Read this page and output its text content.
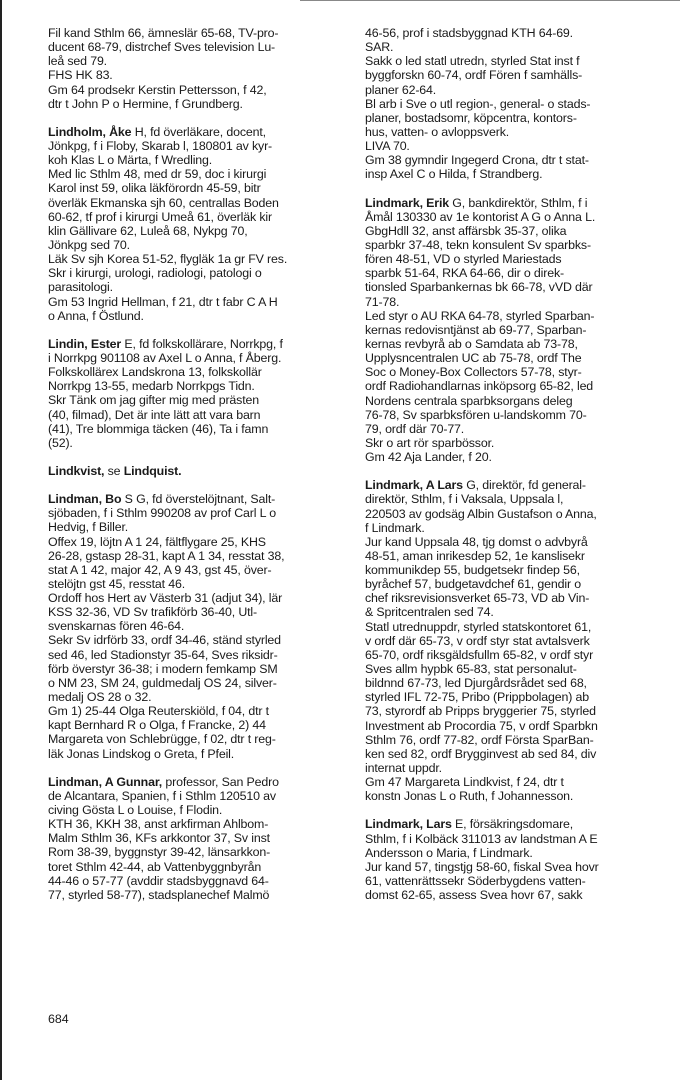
Fil kand Sthlm 66, ämneslär 65-68, TV-pro-
ducent 68-79, distrchef Sves television Lu-
leå sed 79.
FHS HK 83.
Gm 64 prodsekr Kerstin Pettersson, f 42,
dtr t John P o Hermine, f Grundberg.
Lindholm, Åke H, fd överläkare, docent,
Jönkpg, f i Floby, Skarab l, 180801 av kyr-
koh Klas L o Märta, f Wredling.
Med lic Sthlm 48, med dr 59, doc i kirurgi
Karol inst 59, olika läkförordn 45-59, bitr
överläk Ekmanska sjh 60, centrallas Boden
60-62, tf prof i kirurgi Umeå 61, överläk kir
klin Gällivare 62, Luleå 68, Nykpg 70,
Jönkpg sed 70.
Läk Sv sjh Korea 51-52, flygläk 1a gr FV res.
Skr i kirurgi, urologi, radiologi, patologi o
parasitologi.
Gm 53 Ingrid Hellman, f 21, dtr t fabr C A H
o Anna, f Östlund.
Lindin, Ester E, fd folkskollärare, Norrkpg, f
i Norrkpg 901108 av Axel L o Anna, f Åberg.
Folkskollärex Landskrona 13, folkskollär
Norrkpg 13-55, medarb Norrkpgs Tidn.
Skr Tänk om jag gifter mig med prästen
(40, filmad), Det är inte lätt att vara barn
(41), Tre blommiga täcken (46), Ta i famn
(52).
Lindkvist, se Lindquist.
Lindman, Bo S G, fd överstelöjtnant, Salt-
sjöbaden, f i Sthlm 990208 av prof Carl L o
Hedvig, f Biller.
Offex 19, löjtn A 1 24, fältflygare 25, KHS
26-28, gstasp 28-31, kapt A 1 34, resstat 38,
stat A 1 42, major 42, A 9 43, gst 45, över-
stelöjtn gst 45, resstat 46.
Ordoff hos Hert av Västerb 31 (adjut 34), lär
KSS 32-36, VD Sv trafikförb 36-40, Utl-
svenskarnas fören 46-64.
Sekr Sv idrförb 33, ordf 34-46, ständ styrled
sed 46, led Stadionstyr 35-64, Sves riksidr-
förb överstyr 36-38; i modern femkamp SM
o NM 23, SM 24, guldmedalj OS 24, silver-
medalj OS 28 o 32.
Gm 1) 25-44 Olga Reuterskiöld, f 04, dtr t
kapt Bernhard R o Olga, f Francke, 2) 44
Margareta von Schlebrügge, f 02, dtr t reg-
läk Jonas Lindskog o Greta, f Pfeil.
Lindman, A Gunnar, professor, San Pedro
de Alcantara, Spanien, f i Sthlm 120510 av
civing Gösta L o Louise, f Flodin.
KTH 36, KKH 38, anst arkfirman Ahlbom-
Malm Sthlm 36, KFs arkkontor 37, Sv inst
Rom 38-39, byggnstyr 39-42, länsarkkon-
toret Sthlm 42-44, ab Vattenbyggnbyrån
44-46 o 57-77 (avddir stadsbyggnavd 64-
77, styrled 58-77), stadsplanechef Malmö
46-56, prof i stadsbyggnad KTH 64-69.
SAR.
Sakk o led statl utredn, styrled Stat inst f
byggforskn 60-74, ordf Fören f samhälls-
planer 62-64.
Bl arb i Sve o utl region-, general- o stads-
planer, bostadsomr, köpcentra, kontors-
hus, vatten- o avloppsverk.
LIVA 70.
Gm 38 gymndir Ingegerd Crona, dtr t stat-
insp Axel C o Hilda, f Strandberg.
Lindmark, Erik G, bankdirektör, Sthlm, f i
Åmål 130330 av 1e kontorist A G o Anna L.
GbgHdll 32, anst affärsbk 35-37, olika
sparbkr 37-48, tekn konsulent Sv sparbks-
fören 48-51, VD o styrled Mariestads
sparbk 51-64, RKA 64-66, dir o direk-
tionsled Sparbankernas bk 66-78, vVD där
71-78.
Led styr o AU RKA 64-78, styrled Sparban-
kernas redovisntjänst ab 69-77, Sparban-
kernas revbyrå ab o Samdata ab 73-78,
Upplysncentralen UC ab 75-78, ordf The
Soc o Money-Box Collectors 57-78, styr-
ordf Radiohandlarnas inköpsorg 65-82, led
Nordens centrala sparbksorgans deleg
76-78, Sv sparbksfören u-landskomm 70-
79, ordf där 70-77.
Skr o art rör sparbössor.
Gm 42 Aja Lander, f 20.
Lindmark, A Lars G, direktör, fd general-
direktör, Sthlm, f i Vaksala, Uppsala l,
220503 av godsäg Albin Gustafson o Anna,
f Lindmark.
Jur kand Uppsala 48, tjg domst o advbyrå
48-51, aman inrikesdep 52, 1e kanslisekr
kommunikdep 55, budgetsekr findep 56,
byråchef 57, budgetavdchef 61, gendir o
chef riksrevisionsverket 65-73, VD ab Vin-
& Spritcentralen sed 74.
Statl utrednuppdr, styrled statskontoret 61,
v ordf där 65-73, v ordf styr stat avtalsverk
65-70, ordf riksgäldsfullm 65-82, v ordf styr
Sves allm hypbk 65-83, stat personalut-
bildnnd 67-73, led Djurgårdsrådet sed 68,
styrled IFL 72-75, Pribo (Prippbolagen) ab
73, styrordf ab Pripps bryggerier 75, styrled
Investment ab Procordia 75, v ordf Sparbkn
Sthlm 76, ordf 77-82, ordf Första SparBan-
ken sed 82, ordf Brygginvest ab sed 84, div
internat uppdr.
Gm 47 Margareta Lindkvist, f 24, dtr t
konstn Jonas L o Ruth, f Johannesson.
Lindmark, Lars E, försäkringsdomare,
Sthlm, f i Kolbäck 311013 av landstman A E
Andersson o Maria, f Lindmark.
Jur kand 57, tingstjg 58-60, fiskal Svea hovr
61, vattenrättssekr Söderbygdens vatten-
domst 62-65, assess Svea hovr 67, sakk
684
